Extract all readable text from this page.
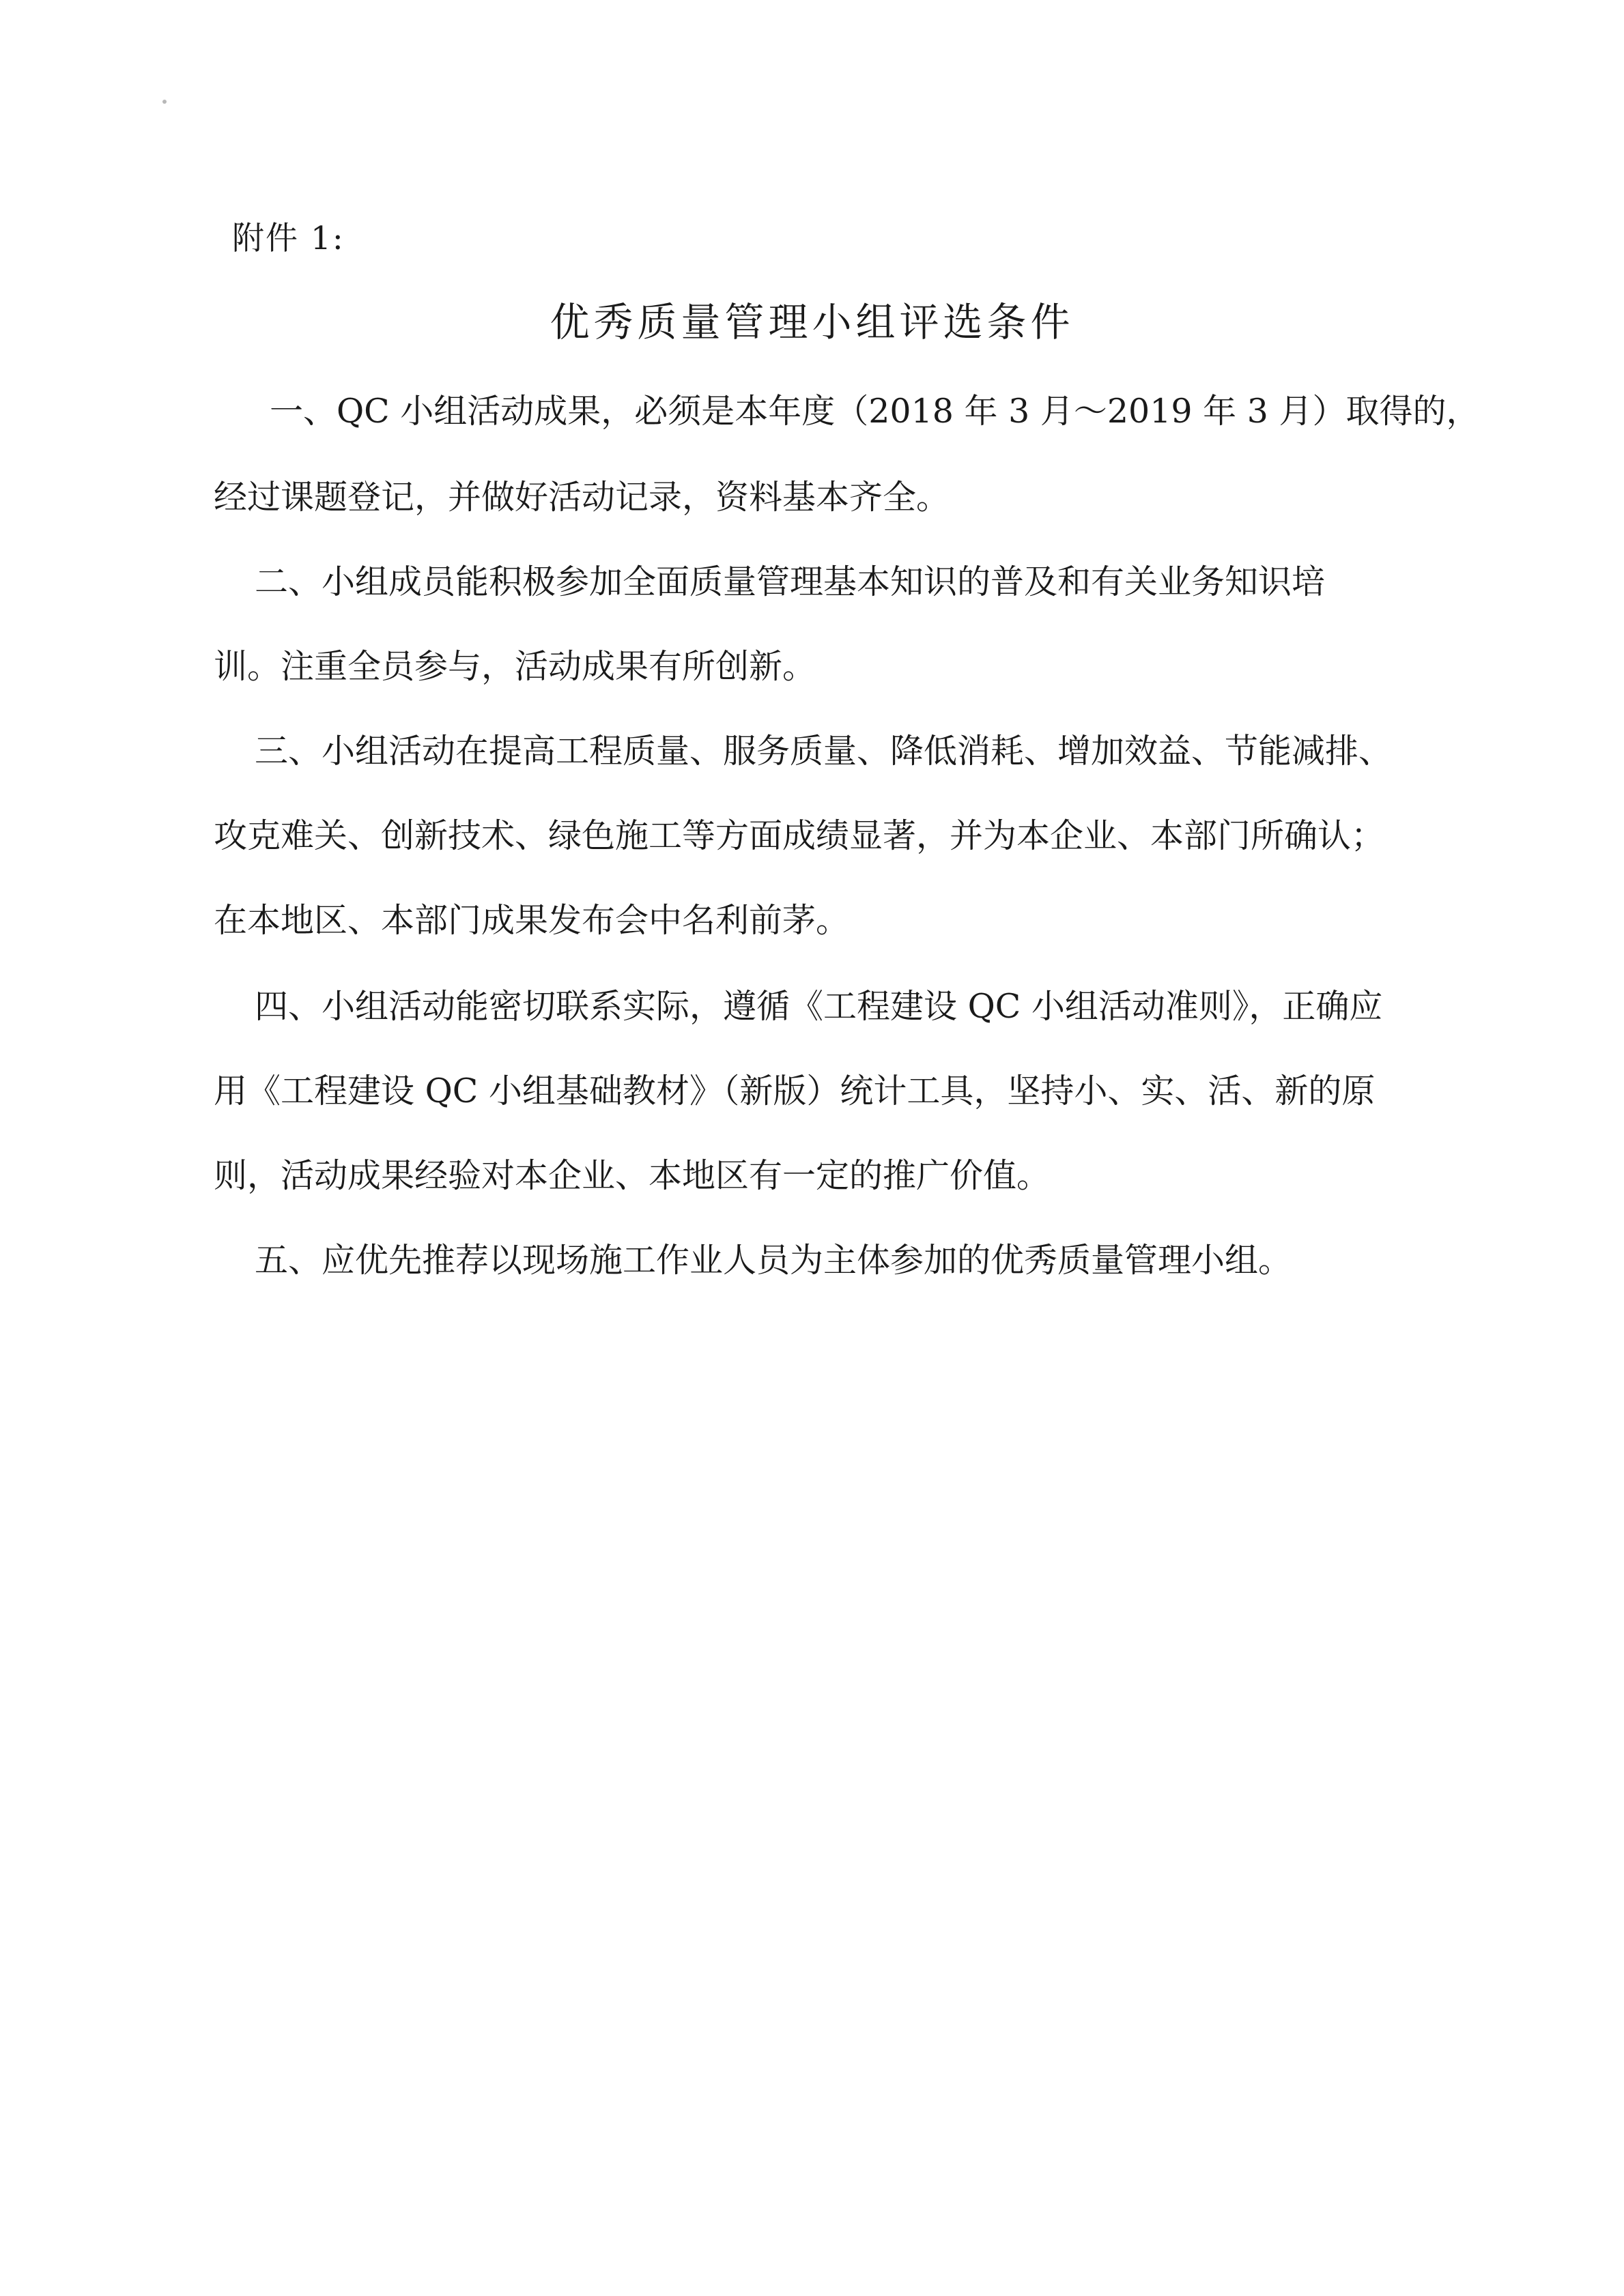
附件 1:
优秀质量管理小组评选条件
一、QC 小组活动成果，必须是本年度（2018 年 3 月～2019 年 3 月）取得的，
经过课题登记，并做好活动记录，资料基本齐全。
二、小组成员能积极参加全面质量管理基本知识的普及和有关业务知识培
训。注重全员参与，活动成果有所创新。
三、小组活动在提高工程质量、服务质量、降低消耗、增加效益、节能减排、
攻克难关、创新技术、绿色施工等方面成绩显著，并为本企业、本部门所确认；
在本地区、本部门成果发布会中名利前茅。
四、小组活动能密切联系实际，遵循《工程建设 QC 小组活动准则》，正确应
用《工程建设 QC 小组基础教材》（新版）统计工具，坚持小、实、活、新的原
则，活动成果经验对本企业、本地区有一定的推广价值。
五、应优先推荐以现场施工作业人员为主体参加的优秀质量管理小组。
